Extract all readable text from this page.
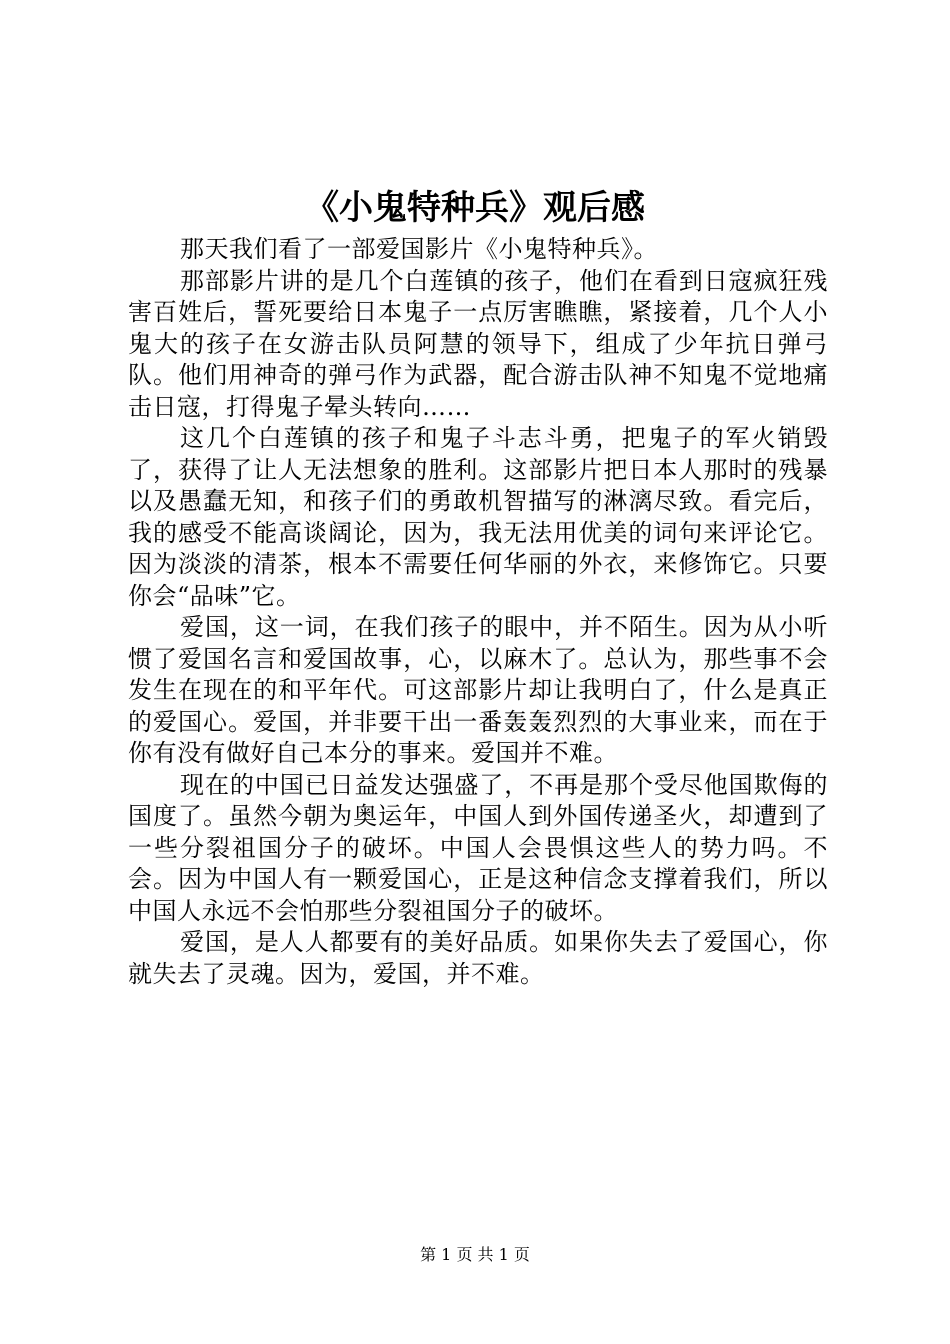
《小鬼特种兵》观后感

那天我们看了一部爱国影片《小鬼特种兵》。

那部影片讲的是几个白莲镇的孩子，他们在看到日寇疯狂残害百姓后，誓死要给日本鬼子一点厉害瞧瞧，紧接着，几个人小鬼大的孩子在女游击队员阿慧的领导下，组成了少年抗日弹弓队。他们用神奇的弹弓作为武器，配合游击队神不知鬼不觉地痛击日寇，打得鬼子晕头转向……

这几个白莲镇的孩子和鬼子斗志斗勇，把鬼子的军火销毁了，获得了让人无法想象的胜利。这部影片把日本人那时的残暴以及愚蠢无知，和孩子们的勇敢机智描写的淋漓尽致。看完后，我的感受不能高谈阔论，因为，我无法用优美的词句来评论它。因为淡淡的清茶，根本不需要任何华丽的外衣，来修饰它。只要你会“品味”它。

爱国，这一词，在我们孩子的眼中，并不陌生。因为从小听惯了爱国名言和爱国故事，心，以麻木了。总认为，那些事不会发生在现在的和平年代。可这部影片却让我明白了，什么是真正的爱国心。爱国，并非要干出一番轰轰烈烈的大事业来，而在于你有没有做好自己本分的事来。爱国并不难。

现在的中国已日益发达强盛了，不再是那个受尽他国欺侮的国度了。虽然今朝为奥运年，中国人到外国传递圣火，却遭到了一些分裂祖国分子的破坏。中国人会畏惧这些人的势力吗。不会。因为中国人有一颗爱国心，正是这种信念支撑着我们，所以中国人永远不会怕那些分裂祖国分子的破坏。

爱国，是人人都要有的美好品质。如果你失去了爱国心，你就失去了灵魂。因为，爱国，并不难。

第 1 页 共 1 页
